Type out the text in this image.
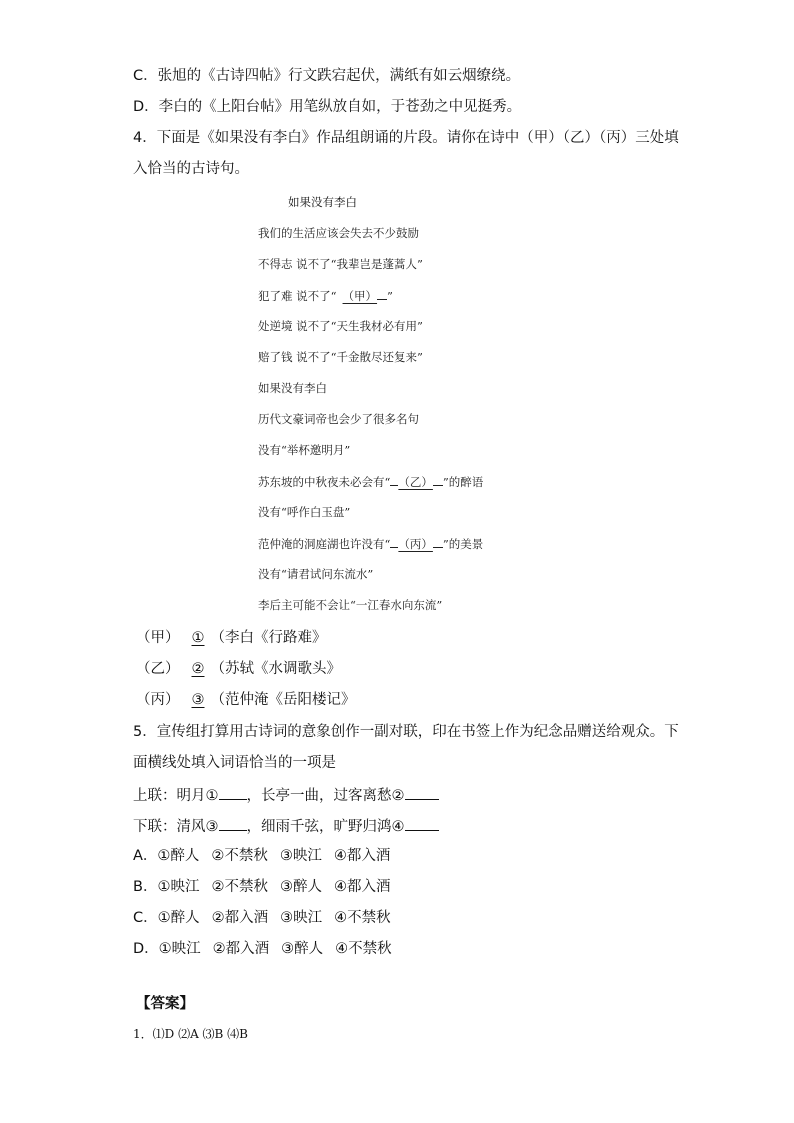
C．张旭的《古诗四帖》行文跌宕起伏，满纸有如云烟缭绕。
D．李白的《上阳台帖》用笔纵放自如，于苍劲之中见挺秀。
4．下面是《如果没有李白》作品组朗诵的片段。请你在诗中（甲）（乙）（丙）三处填
入恰当的古诗句。
如果没有李白
我们的生活应该会失去不少鼓励
不得志 说不了“我辈岂是蓬蒿人”
犯了难 说不了“ （甲） ”
处逆境 说不了“天生我材必有用”
赔了钱 说不了“千金散尽还复来”
如果没有李白
历代文豪词帝也会少了很多名句
没有“举杯邀明月”
苏东坡的中秋夜未必会有“ （乙） ”的醉语
没有“呼作白玉盘”
范仲淹的洞庭湖也许没有“ （丙） ”的美景
没有“请君试问东流水”
李后主可能不会让“一江春水向东流”
（甲） ① （李白《行路难》
（乙） ② （苏轼《水调歌头》
（丙） ③ （范仲淹《岳阳楼记》
5．宣传组打算用古诗词的意象创作一副对联，印在书签上作为纪念品赠送给观众。下
面横线处填入词语恰当的一项是
上联：明月① ，长亭一曲，过客离愁②
下联：清风③ ，细雨千弦，旷野归鸿④
A．①醉人 ②不禁秋 ③映江 ④都入酒
B．①映江 ②不禁秋 ③醉人 ④都入酒
C．①醉人 ②都入酒 ③映江 ④不禁秋
D．①映江 ②都入酒 ③醉人 ④不禁秋
【答案】
1．⑴D ⑵A ⑶B ⑷B
